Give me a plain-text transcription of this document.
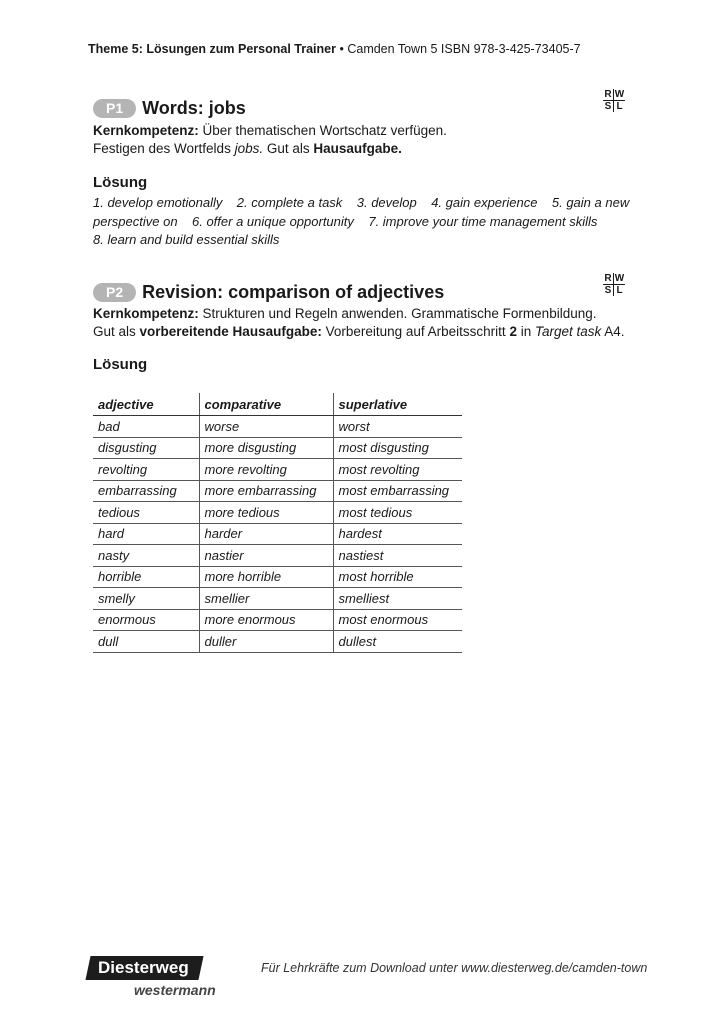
Theme 5: Lösungen zum Personal Trainer • Camden Town 5 ISBN 978-3-425-73405-7
P1 Words: jobs
R W
S L
Kernkompetenz: Über thematischen Wortschatz verfügen.
Festigen des Wortfelds jobs. Gut als Hausaufgabe.
Lösung
1. develop emotionally    2. complete a task    3. develop    4. gain experience    5. gain a new
perspective on    6. offer a unique opportunity    7. improve your time management skills
8. learn and build essential skills
P2 Revision: comparison of adjectives
R W
S L
Kernkompetenz: Strukturen und Regeln anwenden. Grammatische Formenbildung.
Gut als vorbereitende Hausaufgabe: Vorbereitung auf Arbeitsschritt 2 in Target task A4.
Lösung
adjective	comparative	superlative
bad	worse	worst
disgusting	more disgusting	most disgusting
revolting	more revolting	most revolting
embarrassing	more embarrassing	most embarrassing
tedious	more tedious	most tedious
hard	harder	hardest
nasty	nastier	nastiest
horrible	more horrible	most horrible
smelly	smellier	smelliest
enormous	more enormous	most enormous
dull	duller	dullest
Diesterweg
westermann
Für Lehrkräfte zum Download unter www.diesterweg.de/camden-town
